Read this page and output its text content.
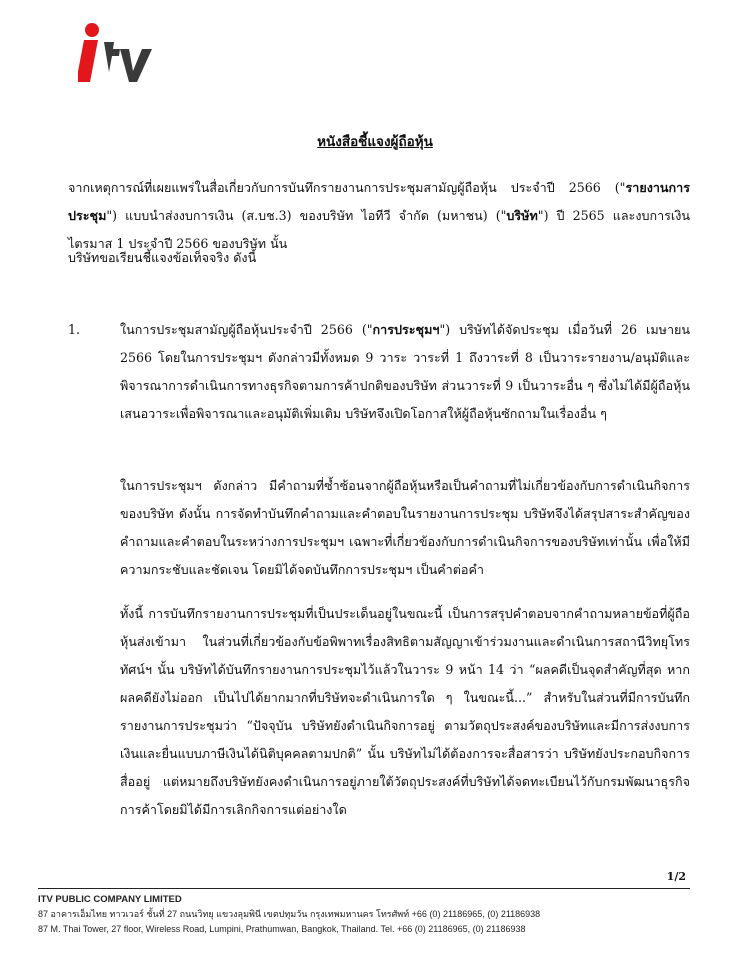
หนังสือชี้แจงผู้ถือหุ้น
จากเหตุการณ์ที่เผยแพร่ในสื่อเกี่ยวกับการบันทึกรายงานการประชุมสามัญผู้ถือหุ้น ประจำปี 2566 ("รายงานการประชุม") แบบนำส่งงบการเงิน (ส.บช.3) ของบริษัท ไอทีวี จำกัด (มหาชน) ("บริษัท") ปี 2565 และงบการเงินไตรมาส 1 ประจำปี 2566 ของบริษัท นั้น
บริษัทขอเรียนชี้แจงข้อเท็จจริง ดังนี้
1.	ในการประชุมสามัญผู้ถือหุ้นประจำปี 2566 ("การประชุมฯ") บริษัทได้จัดประชุม เมื่อวันที่ 26 เมษายน 2566 โดยในการประชุมฯ ดังกล่าวมีทั้งหมด 9 วาระ วาระที่ 1 ถึงวาระที่ 8 เป็นวาระรายงาน/อนุมัติและพิจารณาการดำเนินการทางธุรกิจตามการค้าปกติของบริษัท ส่วนวาระที่ 9 เป็นวาระอื่น ๆ ซึ่งไม่ได้มีผู้ถือหุ้นเสนอวาระเพื่อพิจารณาและอนุมัติเพิ่มเติม บริษัทจึงเปิดโอกาสให้ผู้ถือหุ้นซักถามในเรื่องอื่น ๆ
ในการประชุมฯ ดังกล่าว มีคำถามที่ซ้ำซ้อนจากผู้ถือหุ้นหรือเป็นคำถามที่ไม่เกี่ยวข้องกับการดำเนินกิจการของบริษัท ดังนั้น การจัดทำบันทึกคำถามและคำตอบในรายงานการประชุม บริษัทจึงได้สรุปสาระสำคัญของคำถามและคำตอบในระหว่างการประชุมฯ เฉพาะที่เกี่ยวข้องกับการดำเนินกิจการของบริษัทเท่านั้น เพื่อให้มีความกระชับและชัดเจน โดยมิได้จดบันทึกการประชุมฯ เป็นคำต่อคำ
ทั้งนี้ การบันทึกรายงานการประชุมที่เป็นประเด็นอยู่ในขณะนี้ เป็นการสรุปคำตอบจากคำถามหลายข้อที่ผู้ถือหุ้นส่งเข้ามา ในส่วนที่เกี่ยวข้องกับข้อพิพาทเรื่องสิทธิตามสัญญาเข้าร่วมงานและดำเนินการสถานีวิทยุโทรทัศน์ฯ นั้น บริษัทได้บันทึกรายงานการประชุมไว้แล้วในวาระ 9 หน้า 14 ว่า “ผลคดีเป็นจุดสำคัญที่สุด หากผลคดียังไม่ออก เป็นไปได้ยากมากที่บริษัทจะดำเนินการใด ๆ ในขณะนี้...” สำหรับในส่วนที่มีการบันทึกรายงานการประชุมว่า “ปัจจุบัน บริษัทยังดำเนินกิจการอยู่ ตามวัตถุประสงค์ของบริษัทและมีการส่งงบการเงินและยื่นแบบภาษีเงินได้นิติบุคคลตามปกติ” นั้น บริษัทไม่ได้ต้องการจะสื่อสารว่า บริษัทยังประกอบกิจการสื่ออยู่ แต่หมายถึงบริษัทยังคงดำเนินการอยู่ภายใต้วัตถุประสงค์ที่บริษัทได้จดทะเบียนไว้กับกรมพัฒนาธุรกิจการค้าโดยมิได้มีการเลิกกิจการแต่อย่างใด
1/2
ITV PUBLIC COMPANY LIMITED
87 อาคารเอ็มไทย ทาวเวอร์ ชั้นที่ 27 ถนนวิทยุ แขวงลุมพินี เขตปทุมวัน กรุงเทพมหานคร โทรศัพท์ +66 (0) 21186965, (0) 21186938
87 M. Thai Tower, 27 floor, Wireless Road, Lumpini, Prathumwan, Bangkok, Thailand. Tel. +66 (0) 21186965, (0) 21186938
